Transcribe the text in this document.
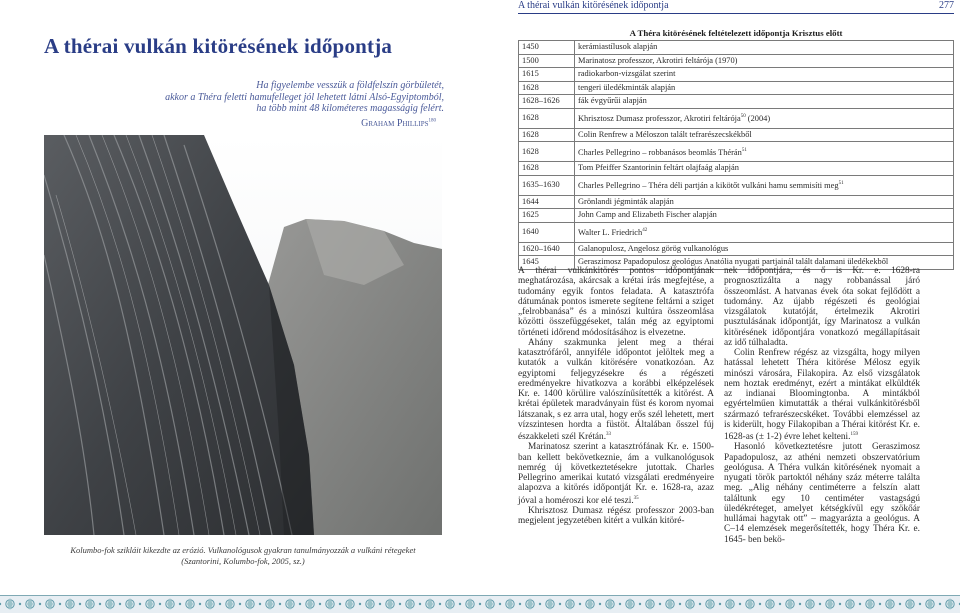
A thérai vulkán kitörésének időpontja
Ha figyelembe vesszük a földfelszín görbületét,
akkor a Théra feletti hamufelleget jól lehetett látni Alsó-Egyiptomból,
ha több mint 48 kilométeres magasságig felért.
Graham Phillips$^{180}$
Kolumbo-fok szikláit kikezdte az erózió. Vulkanológusok gyakran tanulmányozzák a vulkáni rétegeket
(Szantorini, Kolumbo-fok, 2005, sz.)
A thérai vulkán kitörésének időpontja	277
A Théra kitörésének feltételezett időpontja Krisztus előtt
1450	kerámiastílusok alapján
1500	Marinatosz professzor, Akrotiri feltárója (1970)
1615	radiokarbon-vizsgálat szerint
1628	tengeri üledékminták alapján
1628–1626	fák évgyűrűi alapján
1628	Khrisztosz Dumasz professzor, Akrotiri feltárója$^{50}$ (2004)
1628	Colin Renfrew a Méloszon talált tefrarészecskékből
1628	Charles Pellegrino – robbanásos beomlás Thérán$^{51}$
1628	Tom Pfeiffer Szantorinin feltárt olajfaág alapján
1635–1630	Charles Pellegrino – Théra déli partján a kikötőt vulkáni hamu semmisíti meg$^{51}$
1644	Grönlandi jégminták alapján
1625	John Camp and Elizabeth Fischer alapján
1640	Walter L. Friedrich$^{42}$
1620–1640	Galanopulosz, Angelosz görög vulkanológus
1645	Geraszimosz Papadopulosz geológus Anatólia nyugati partjainál talált dalamani üledékekből

A thérai vulkánkitörés pontos időpontjának meghatározása, akárcsak a krétai írás megfejtése, a tudomány egyik fontos feladata. A katasztrófa dátumának pontos ismerete segítene feltárni a sziget „felrobbanása” és a minószi kultúra összeomlása közötti összefüggéseket, talán még az egyiptomi történeti időrend módosításához is elvezetne.

Ahány szakmunka jelent meg a thérai katasztrófáról, annyiféle időpontot jelöltek meg a kutatók a vulkán kitörésére vonatkozóan. Az egyiptomi feljegyzésekre és a régészeti eredményekre hivatkozva a korábbi elképzelések Kr. e. 1400 körülire valószínűsítették a kitörést. A krétai épületek maradványain füst és korom nyomai látszanak, s ez arra utal, hogy erős szél lehetett, mert vízszintesen hordta a füstöt. Általában ősszel fúj északkeleti szél Krétán.$^{33}$

Marinatosz szerint a katasztrófának Kr. e. 1500-ban kellett bekövetkeznie, ám a vulkanológusok nemrég új következtetésekre jutottak. Charles Pellegrino amerikai kutató vizsgálati eredményeire alapozva a kitörés időpontját Kr. e. 1628-ra, azaz jóval a homéroszi kor elé teszi.$^{35}$

Khrisztosz Dumasz régész professzor 2003-ban megjelent jegyzetében kitért a vulkán kitöré-

nek időpontjára, és ő is Kr. e. 1628-ra prognosztizálta a nagy robbanással járó összeomlást. A hatvanas évek óta sokat fejlődött a tudomány. Az újabb régészeti és geológiai vizsgálatok kutatóját, értelmezik Akrotiri pusztulásának időpontját, így Marinatosz a vulkán kitörésének időpontjára vonatkozó megállapításait az idő túlhaladta.

Colin Renfrew régész az vizsgálta, hogy milyen hatással lehetett Théra kitörése Mélosz egyik minószi városára, Filakopira. Az első vizsgálatok nem hoztak eredményt, ezért a mintákat elküldték az indianai Bloomingtonba. A mintákból egyértelműen kimutatták a thérai vulkánkitörésből származó tefrarészecskéket. További elemzéssel az is kiderült, hogy Filakopiban a Thérai kitörést Kr. e. 1628-as (± 1-2) évre lehet kelteni.$^{159}$

Hasonló következtetésre jutott Geraszimosz Papadopulosz, az athéni nemzeti obszervatórium geológusa. A Théra vulkán kitörésének nyomait a nyugati török partoktól néhány száz méterre találta meg. „Alig néhány centiméterre a felszín alatt találtunk egy 10 centiméter vastagságú üledékréteget, amelyet kétségkívül egy szökőár hullámai hagytak ott” – magyarázta a geológus. A C–14 elemzések megerősítették, hogy Théra Kr. e. 1645- ben bekö-
